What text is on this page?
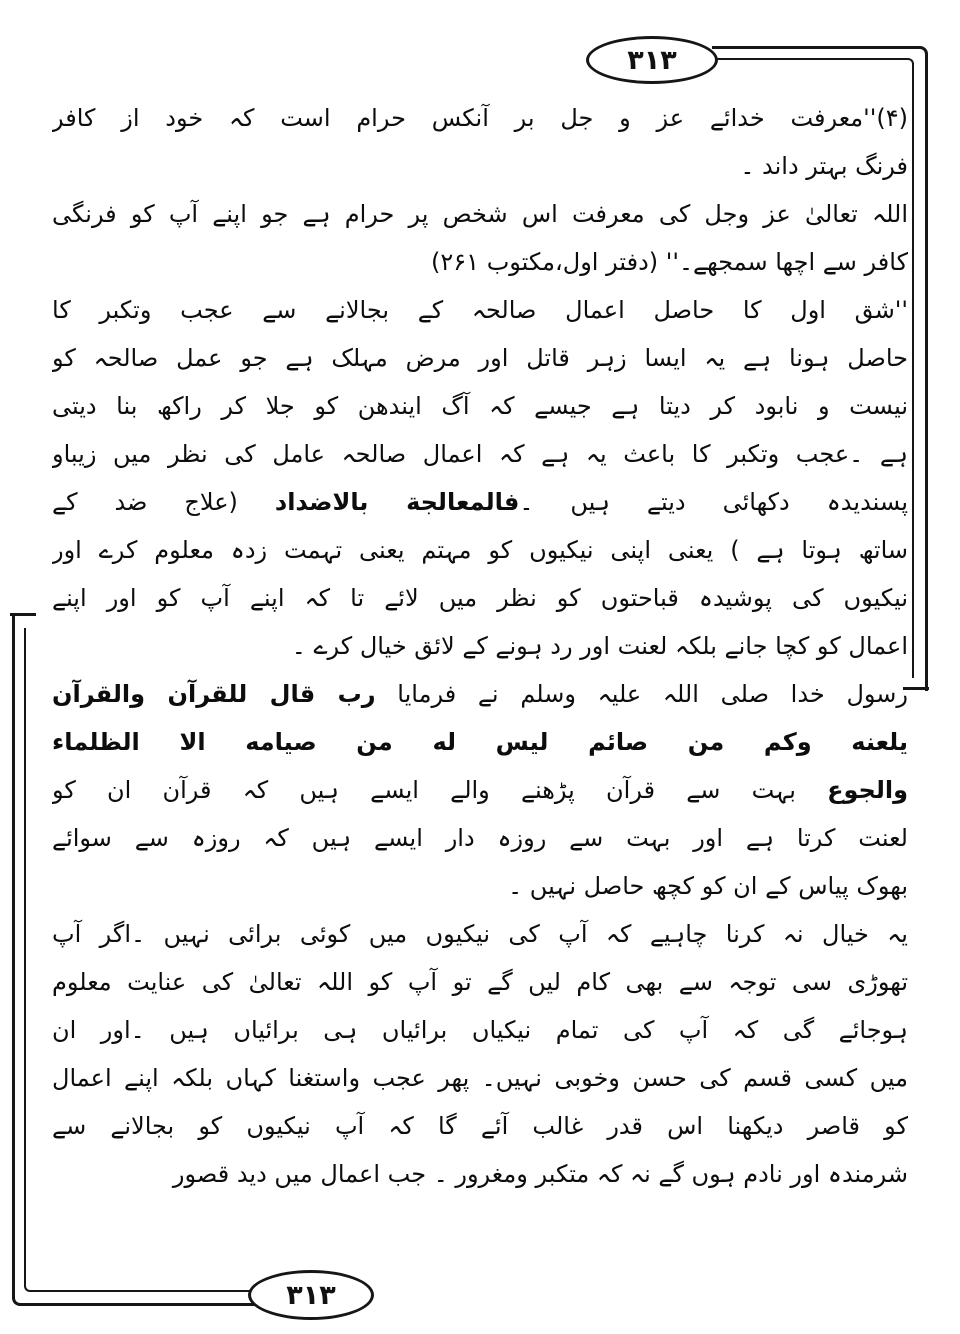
۳۱۳
۳۱۳
(۴)''معرفت خدائے عز و جل بر آنکس حرام است کہ خود از کافر
فرنگ بہتر داند ۔
اللہ تعالیٰ عز وجل کی معرفت اس شخص پر حرام ہے جو اپنے آپ کو فرنگی
کافر سے اچھا سمجھے۔'' (دفتر اول،مکتوب ۲۶۱)
''شق اول کا حاصل اعمال صالحہ کے بجالانے سے عجب وتکبر کا
حاصل ہونا ہے یہ ایسا زہر قاتل اور مرض مہلک ہے جو عمل صالحہ کو
نیست و نابود کر دیتا ہے جیسے کہ آگ ایندھن کو جلا کر راکھ بنا دیتی
ہے ۔عجب وتکبر کا باعث یہ ہے کہ اعمال صالحہ عامل کی نظر میں زیباو
پسندیدہ دکھائی دیتے ہیں ۔فالمعالجة بالاضداد (علاج ضد کے
ساتھ ہوتا ہے ) یعنی اپنی نیکیوں کو مہتم یعنی تہمت زدہ معلوم کرے اور
نیکیوں کی پوشیدہ قباحتوں کو نظر میں لائے تا کہ اپنے آپ کو اور اپنے
اعمال کو کچا جانے بلکہ لعنت اور رد ہونے کے لائق خیال کرے ۔
رسول خدا صلی اللہ علیہ وسلم نے فرمایا رب قال للقرآن والقرآن
یلعنه وکم من صائم لیس له من صیامه الا الظلماء
والجوع بہت سے قرآن پڑھنے والے ایسے ہیں کہ قرآن ان کو
لعنت کرتا ہے اور بہت سے روزہ دار ایسے ہیں کہ روزہ سے سوائے
بھوک پیاس کے ان کو کچھ حاصل نہیں ۔
یہ خیال نہ کرنا چاہیے کہ آپ کی نیکیوں میں کوئی برائی نہیں ۔اگر آپ
تھوڑی سی توجہ سے بھی کام لیں گے تو آپ کو اللہ تعالیٰ کی عنایت معلوم
ہوجائے گی کہ آپ کی تمام نیکیاں برائیاں ہی برائیاں ہیں ۔اور ان
میں کسی قسم کی حسن وخوبی نہیں۔ پھر عجب واستغنا کہاں بلکہ اپنے اعمال
کو قاصر دیکھنا اس قدر غالب آئے گا کہ آپ نیکیوں کو بجالانے سے
شرمندہ اور نادم ہوں گے نہ کہ متکبر ومغرور ۔ جب اعمال میں دید قصور
